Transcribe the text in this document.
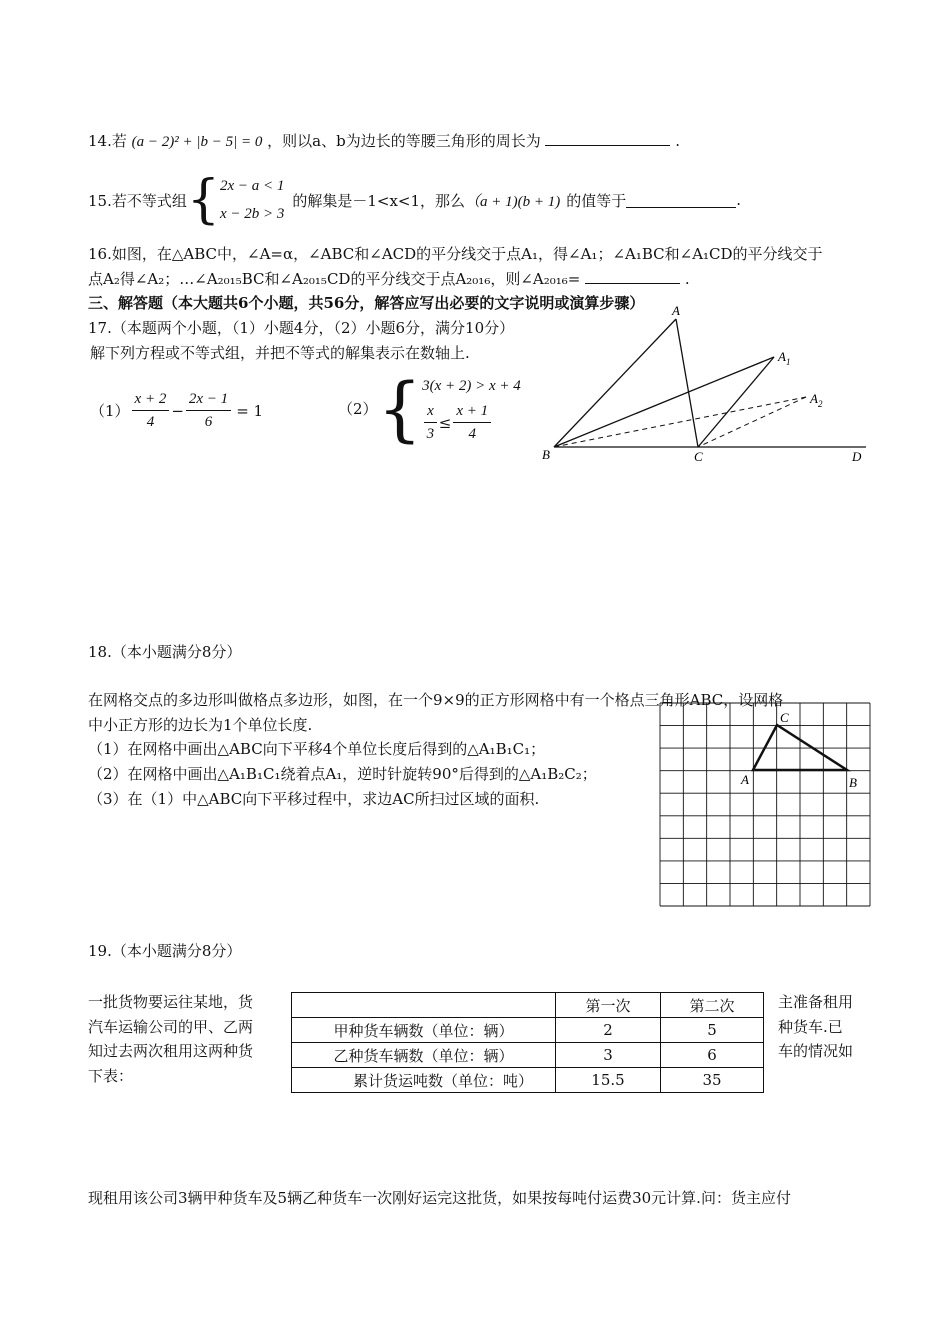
14.若 (a − 2)² + |b − 5| = 0 ，则以a、b为边长的等腰三角形的周长为	.
15.若不等式组 { 2x − a < 1
x − 2b > 3
的解集是－1<x<1，那么 （a + 1)(b + 1) 的值等于	.
16.如图，在△ABC中，∠A=α，∠ABC和∠ACD的平分线交于点A₁，得∠A₁；∠A₁BC和∠A₁CD的平分线交于
点A₂得∠A₂；…∠A₂₀₁₅BC和∠A₂₀₁₅CD的平分线交于点A₂₀₁₆，则∠A₂₀₁₆=	.
三、解答题（本大题共6个小题，共56分，解答应写出必要的文字说明或演算步骤）
17.（本题两个小题，（1）小题4分，（2）小题6分，满分10分）
解下列方程或不等式组，并把不等式的解集表示在数轴上.
$(1) \frac{x + 2}{4} - \frac{2x - 1}{6} = 1$	（2） { 3(x + 2) > x + 4
$\frac{x}{3} \le \frac{x + 1}{4}$
A
$A_1$
$A_2$
B	C	D
18.（本小题满分8分）
在网格交点的多边形叫做格点多边形，如图，在一个9×9的正方形网格中有一个格点三角形ABC，设网格
中小正方形的边长为1个单位长度.
（1）在网格中画出△ABC向下平移4个单位长度后得到的△A₁B₁C₁；
（2）在网格中画出△A₁B₁C₁绕着点A₁，逆时针旋转90°后得到的△A₁B₂C₂；
（3）在（1）中△ABC向下平移过程中，求边AC所扫过区域的面积.
A	B
C
19.（本小题满分8分）
一批货物要运往某地，货
汽车运输公司的甲、乙两
知过去两次租用这两种货
下表：
主准备租用
种货车.已
车的情况如
	第一次	第二次
甲种货车辆数（单位：辆）	2	5
乙种货车辆数（单位：辆）	3	6
累计货运吨数（单位：吨）	15.5	35
现租用该公司3辆甲种货车及5辆乙种货车一次刚好运完这批货，如果按每吨付运费30元计算.问：货主应付
